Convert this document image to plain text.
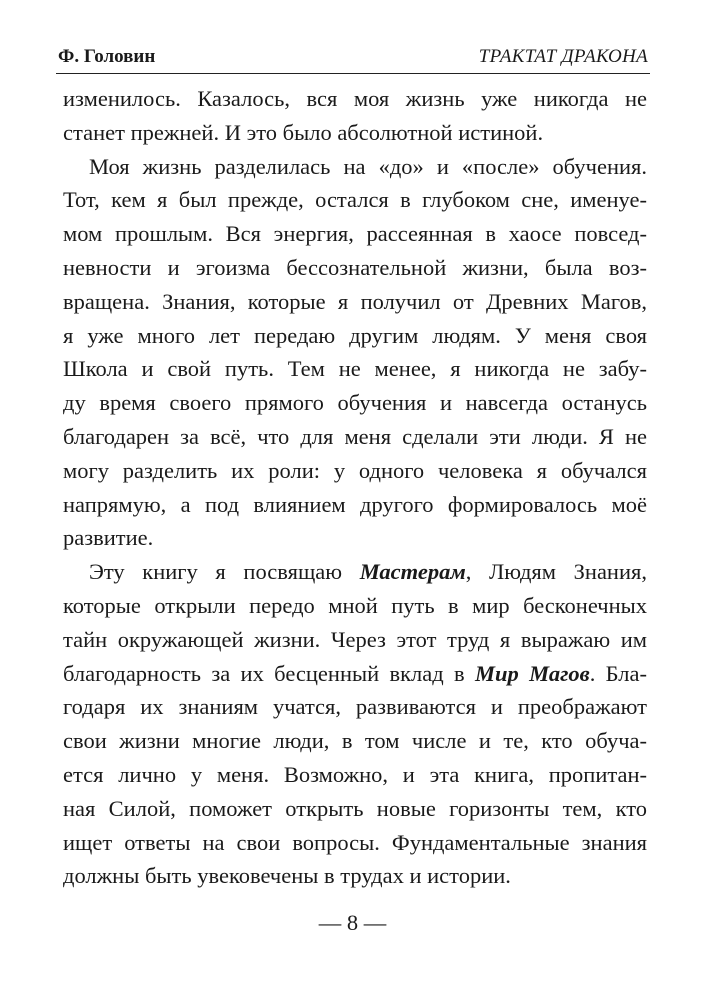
Ф. Головин	ТРАКТАТ ДРАКОНА

изменилось. Казалось, вся моя жизнь уже никогда не
станет прежней. И это было абсолютной истиной.

Моя жизнь разделилась на «до» и «после» обучения.
Тот, кем я был прежде, остался в глубоком сне, именуе-
мом прошлым. Вся энергия, рассеянная в хаосе повсед-
невности и эгоизма бессознательной жизни, была воз-
вращена. Знания, которые я получил от Древних Магов,
я уже много лет передаю другим людям. У меня своя
Школа и свой путь. Тем не менее, я никогда не забу-
ду время своего прямого обучения и навсегда останусь
благодарен за всё, что для меня сделали эти люди. Я не
могу разделить их роли: у одного человека я обучался
напрямую, а под влиянием другого формировалось моё
развитие.

Эту книгу я посвящаю Мастерам, Людям Знания,
которые открыли передо мной путь в мир бесконечных
тайн окружающей жизни. Через этот труд я выражаю им
благодарность за их бесценный вклад в Мир Магов. Бла-
годаря их знаниям учатся, развиваются и преображают
свои жизни многие люди, в том числе и те, кто обуча-
ется лично у меня. Возможно, и эта книга, пропитан-
ная Силой, поможет открыть новые горизонты тем, кто
ищет ответы на свои вопросы. Фундаментальные знания
должны быть увековечены в трудах и истории.

— 8 —
